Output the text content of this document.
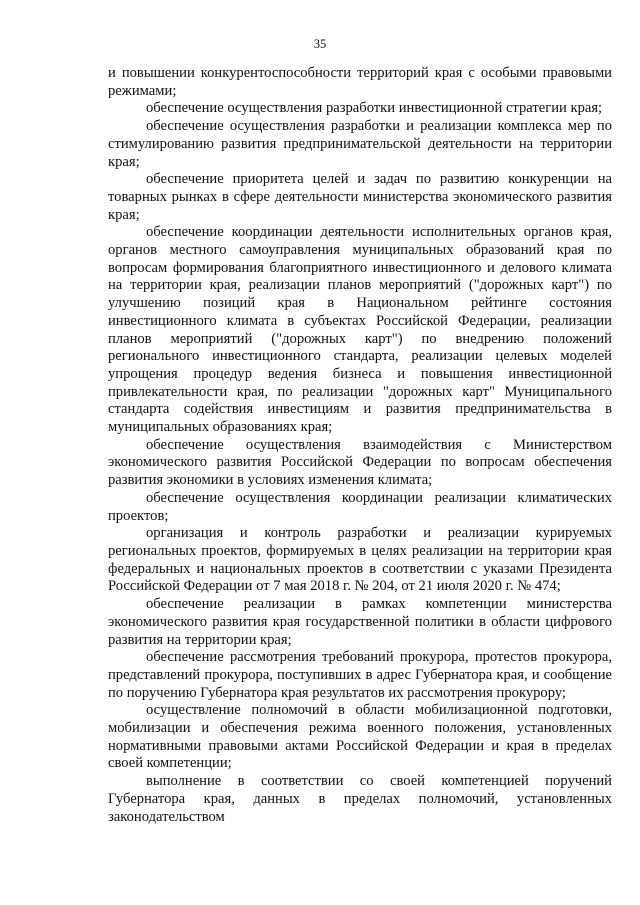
35

и повышении конкурентоспособности территорий края с особыми правовыми режимами;

обеспечение осуществления разработки инвестиционной стратегии края;

обеспечение осуществления разработки и реализации комплекса мер по стимулированию развития предпринимательской деятельности на территории края;

обеспечение приоритета целей и задач по развитию конкуренции на товарных рынках в сфере деятельности министерства экономического развития края;

обеспечение координации деятельности исполнительных органов края, органов местного самоуправления муниципальных образований края по вопросам формирования благоприятного инвестиционного и делового климата на территории края, реализации планов мероприятий ("дорожных карт") по улучшению позиций края в Национальном рейтинге состояния инвестиционного климата в субъектах Российской Федерации, реализации планов мероприятий ("дорожных карт") по внедрению положений регионального инвестиционного стандарта, реализации целевых моделей упрощения процедур ведения бизнеса и повышения инвестиционной привлекательности края, по реализации "дорожных карт" Муниципального стандарта содействия инвестициям и развития предпринимательства в муниципальных образованиях края;

обеспечение осуществления взаимодействия с Министерством экономического развития Российской Федерации по вопросам обеспечения развития экономики в условиях изменения климата;

обеспечение осуществления координации реализации климатических проектов;

организация и контроль разработки и реализации курируемых региональных проектов, формируемых в целях реализации на территории края федеральных и национальных проектов в соответствии с указами Президента Российской Федерации от 7 мая 2018 г. № 204, от 21 июля 2020 г. № 474;

обеспечение реализации в рамках компетенции министерства экономического развития края государственной политики в области цифрового развития на территории края;

обеспечение рассмотрения требований прокурора, протестов прокурора, представлений прокурора, поступивших в адрес Губернатора края, и сообщение по поручению Губернатора края результатов их рассмотрения прокурору;

осуществление полномочий в области мобилизационной подготовки, мобилизации и обеспечения режима военного положения, установленных нормативными правовыми актами Российской Федерации и края в пределах своей компетенции;

выполнение в соответствии со своей компетенцией поручений Губернатора края, данных в пределах полномочий, установленных законодательством
